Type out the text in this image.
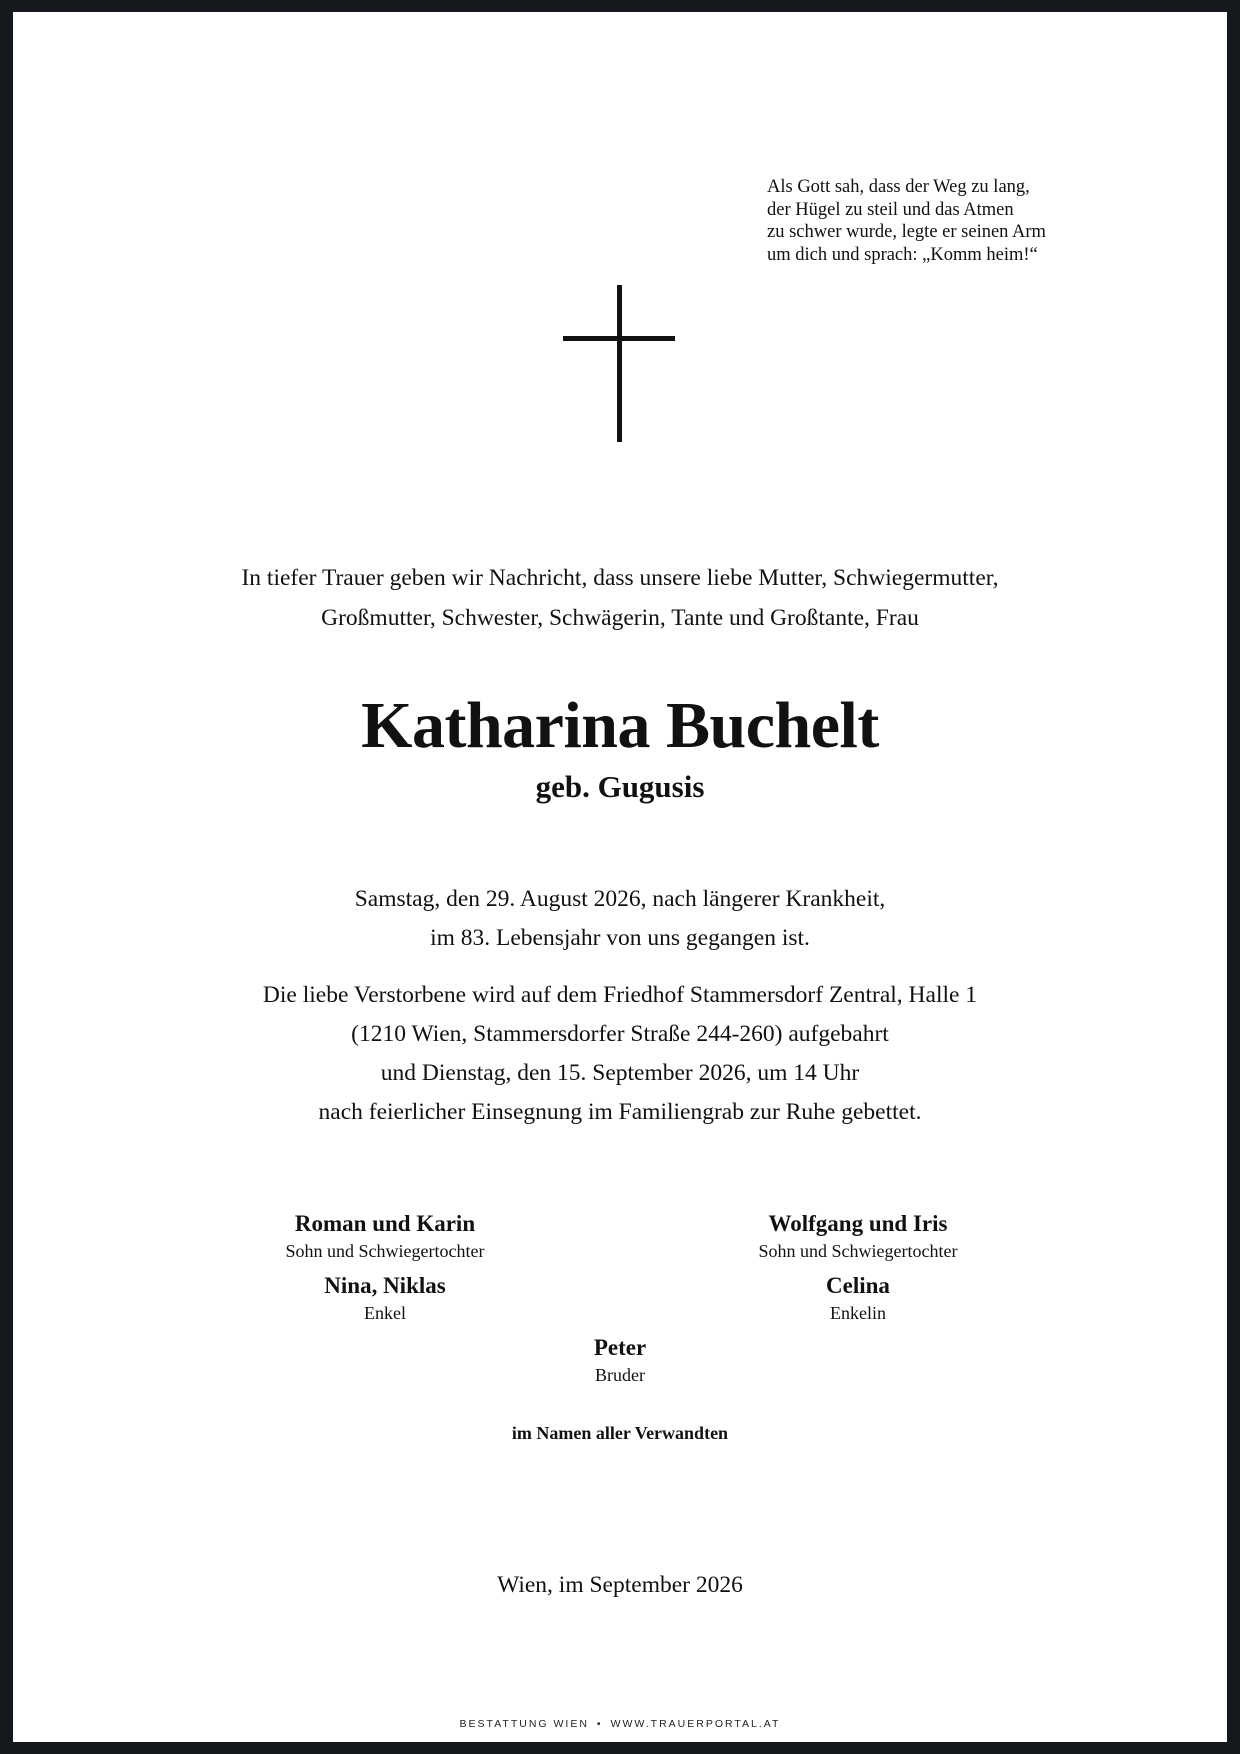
Als Gott sah, dass der Weg zu lang,
der Hügel zu steil und das Atmen
zu schwer wurde, legte er seinen Arm
um dich und sprach: „Komm heim!“
In tiefer Trauer geben wir Nachricht, dass unsere liebe Mutter, Schwiegermutter,
Großmutter, Schwester, Schwägerin, Tante und Großtante, Frau
Katharina Buchelt
geb. Gugusis
Samstag, den 29. August 2026, nach längerer Krankheit,
im 83. Lebensjahr von uns gegangen ist.
Die liebe Verstorbene wird auf dem Friedhof Stammersdorf Zentral, Halle 1
(1210 Wien, Stammersdorfer Straße 244-260) aufgebahrt
und Dienstag, den 15. September 2026, um 14 Uhr
nach feierlicher Einsegnung im Familiengrab zur Ruhe gebettet.
Roman und Karin
Sohn und Schwiegertochter
Wolfgang und Iris
Sohn und Schwiegertochter
Nina, Niklas
Enkel
Celina
Enkelin
Peter
Bruder
im Namen aller Verwandten
Wien, im September 2026
BESTATTUNG WIEN • WWW.TRAUERPORTAL.AT
